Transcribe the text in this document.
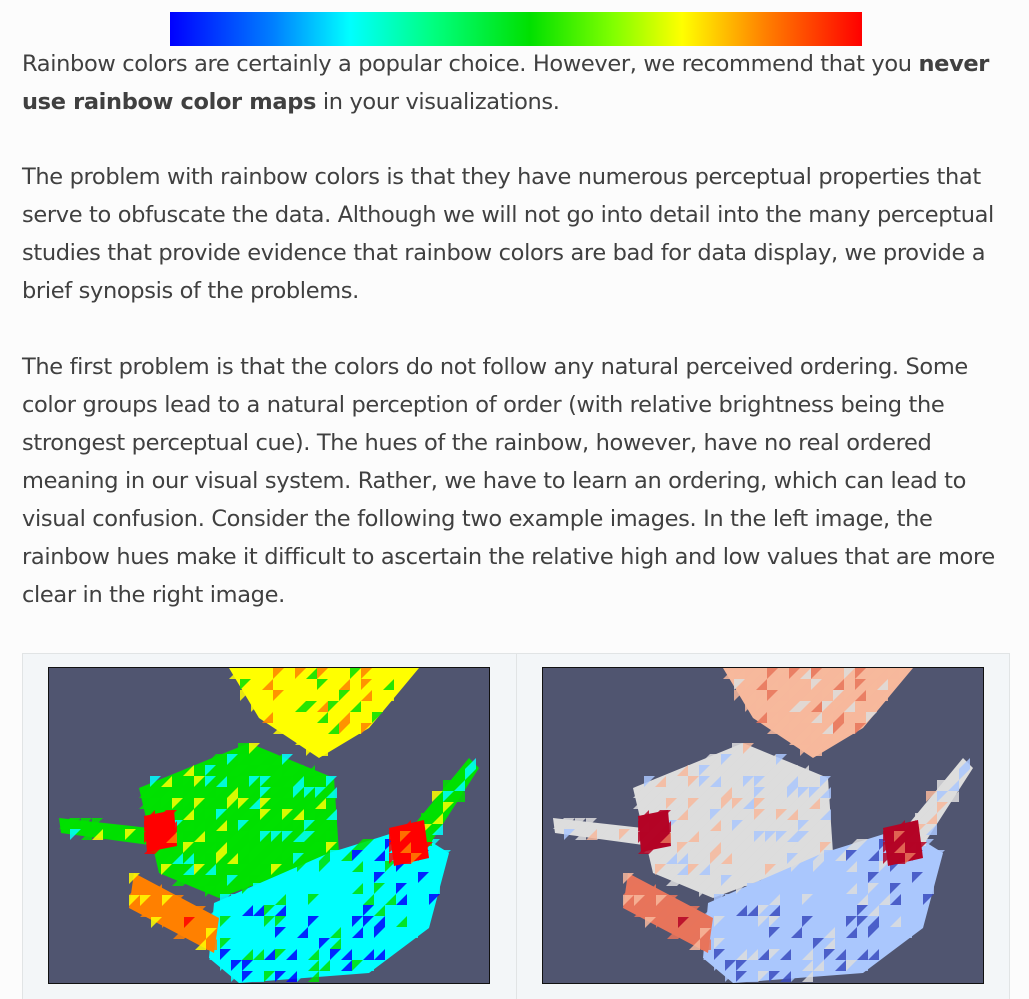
Rainbow colors are certainly a popular choice. However, we recommend that you never use rainbow color maps in your visualizations.

The problem with rainbow colors is that they have numerous perceptual properties that serve to obfuscate the data. Although we will not go into detail into the many perceptual studies that provide evidence that rainbow colors are bad for data display, we provide a brief synopsis of the problems.

The first problem is that the colors do not follow any natural perceived ordering. Some color groups lead to a natural perception of order (with relative brightness being the strongest perceptual cue). The hues of the rainbow, however, have no real ordered meaning in our visual system. Rather, we have to learn an ordering, which can lead to visual confusion. Consider the following two example images. In the left image, the rainbow hues make it difficult to ascertain the relative high and low values that are more clear in the right image.
